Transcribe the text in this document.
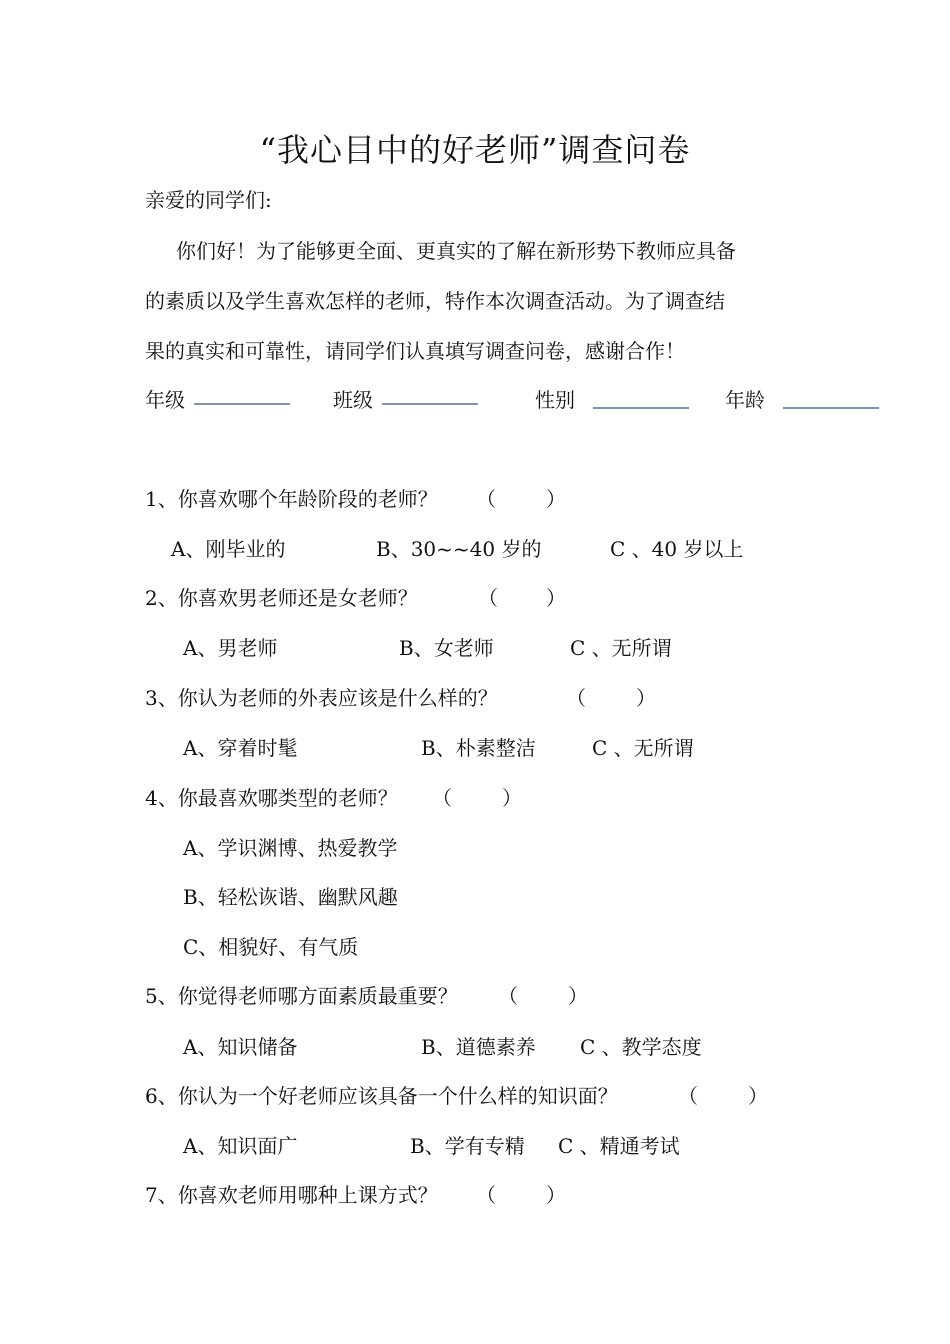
“我心目中的好老师”调查问卷
亲爱的同学们:
你们好！为了能够更全面、更真实的了解在新形势下教师应具备
的素质以及学生喜欢怎样的老师，特作本次调查活动。为了调查结
果的真实和可靠性，请同学们认真填写调查问卷，感谢合作！
年级	班级	性别	年龄
1、你喜欢哪个年龄阶段的老师？ （	）
A、刚毕业的	B、30~~40 岁的	C 、40 岁以上
2、你喜欢男老师还是女老师？	（ ）
A、男老师	B、女老师	C 、无所谓
3、你认为老师的外表应该是什么样的？	（	）
A、穿着时髦	B、朴素整洁	C 、无所谓
4、你最喜欢哪类型的老师？ （	）
A、学识渊博、热爱教学
B、轻松诙谐、幽默风趣
C、相貌好、有气质
5、你觉得老师哪方面素质最重要？ （	）
A、知识储备	B、道德素养 C 、教学态度
6、你认为一个好老师应该具备一个什么样的知识面？	（	）
A、知识面广	B、学有专精 C 、精通考试
7、你喜欢老师用哪种上课方式？ （	）
